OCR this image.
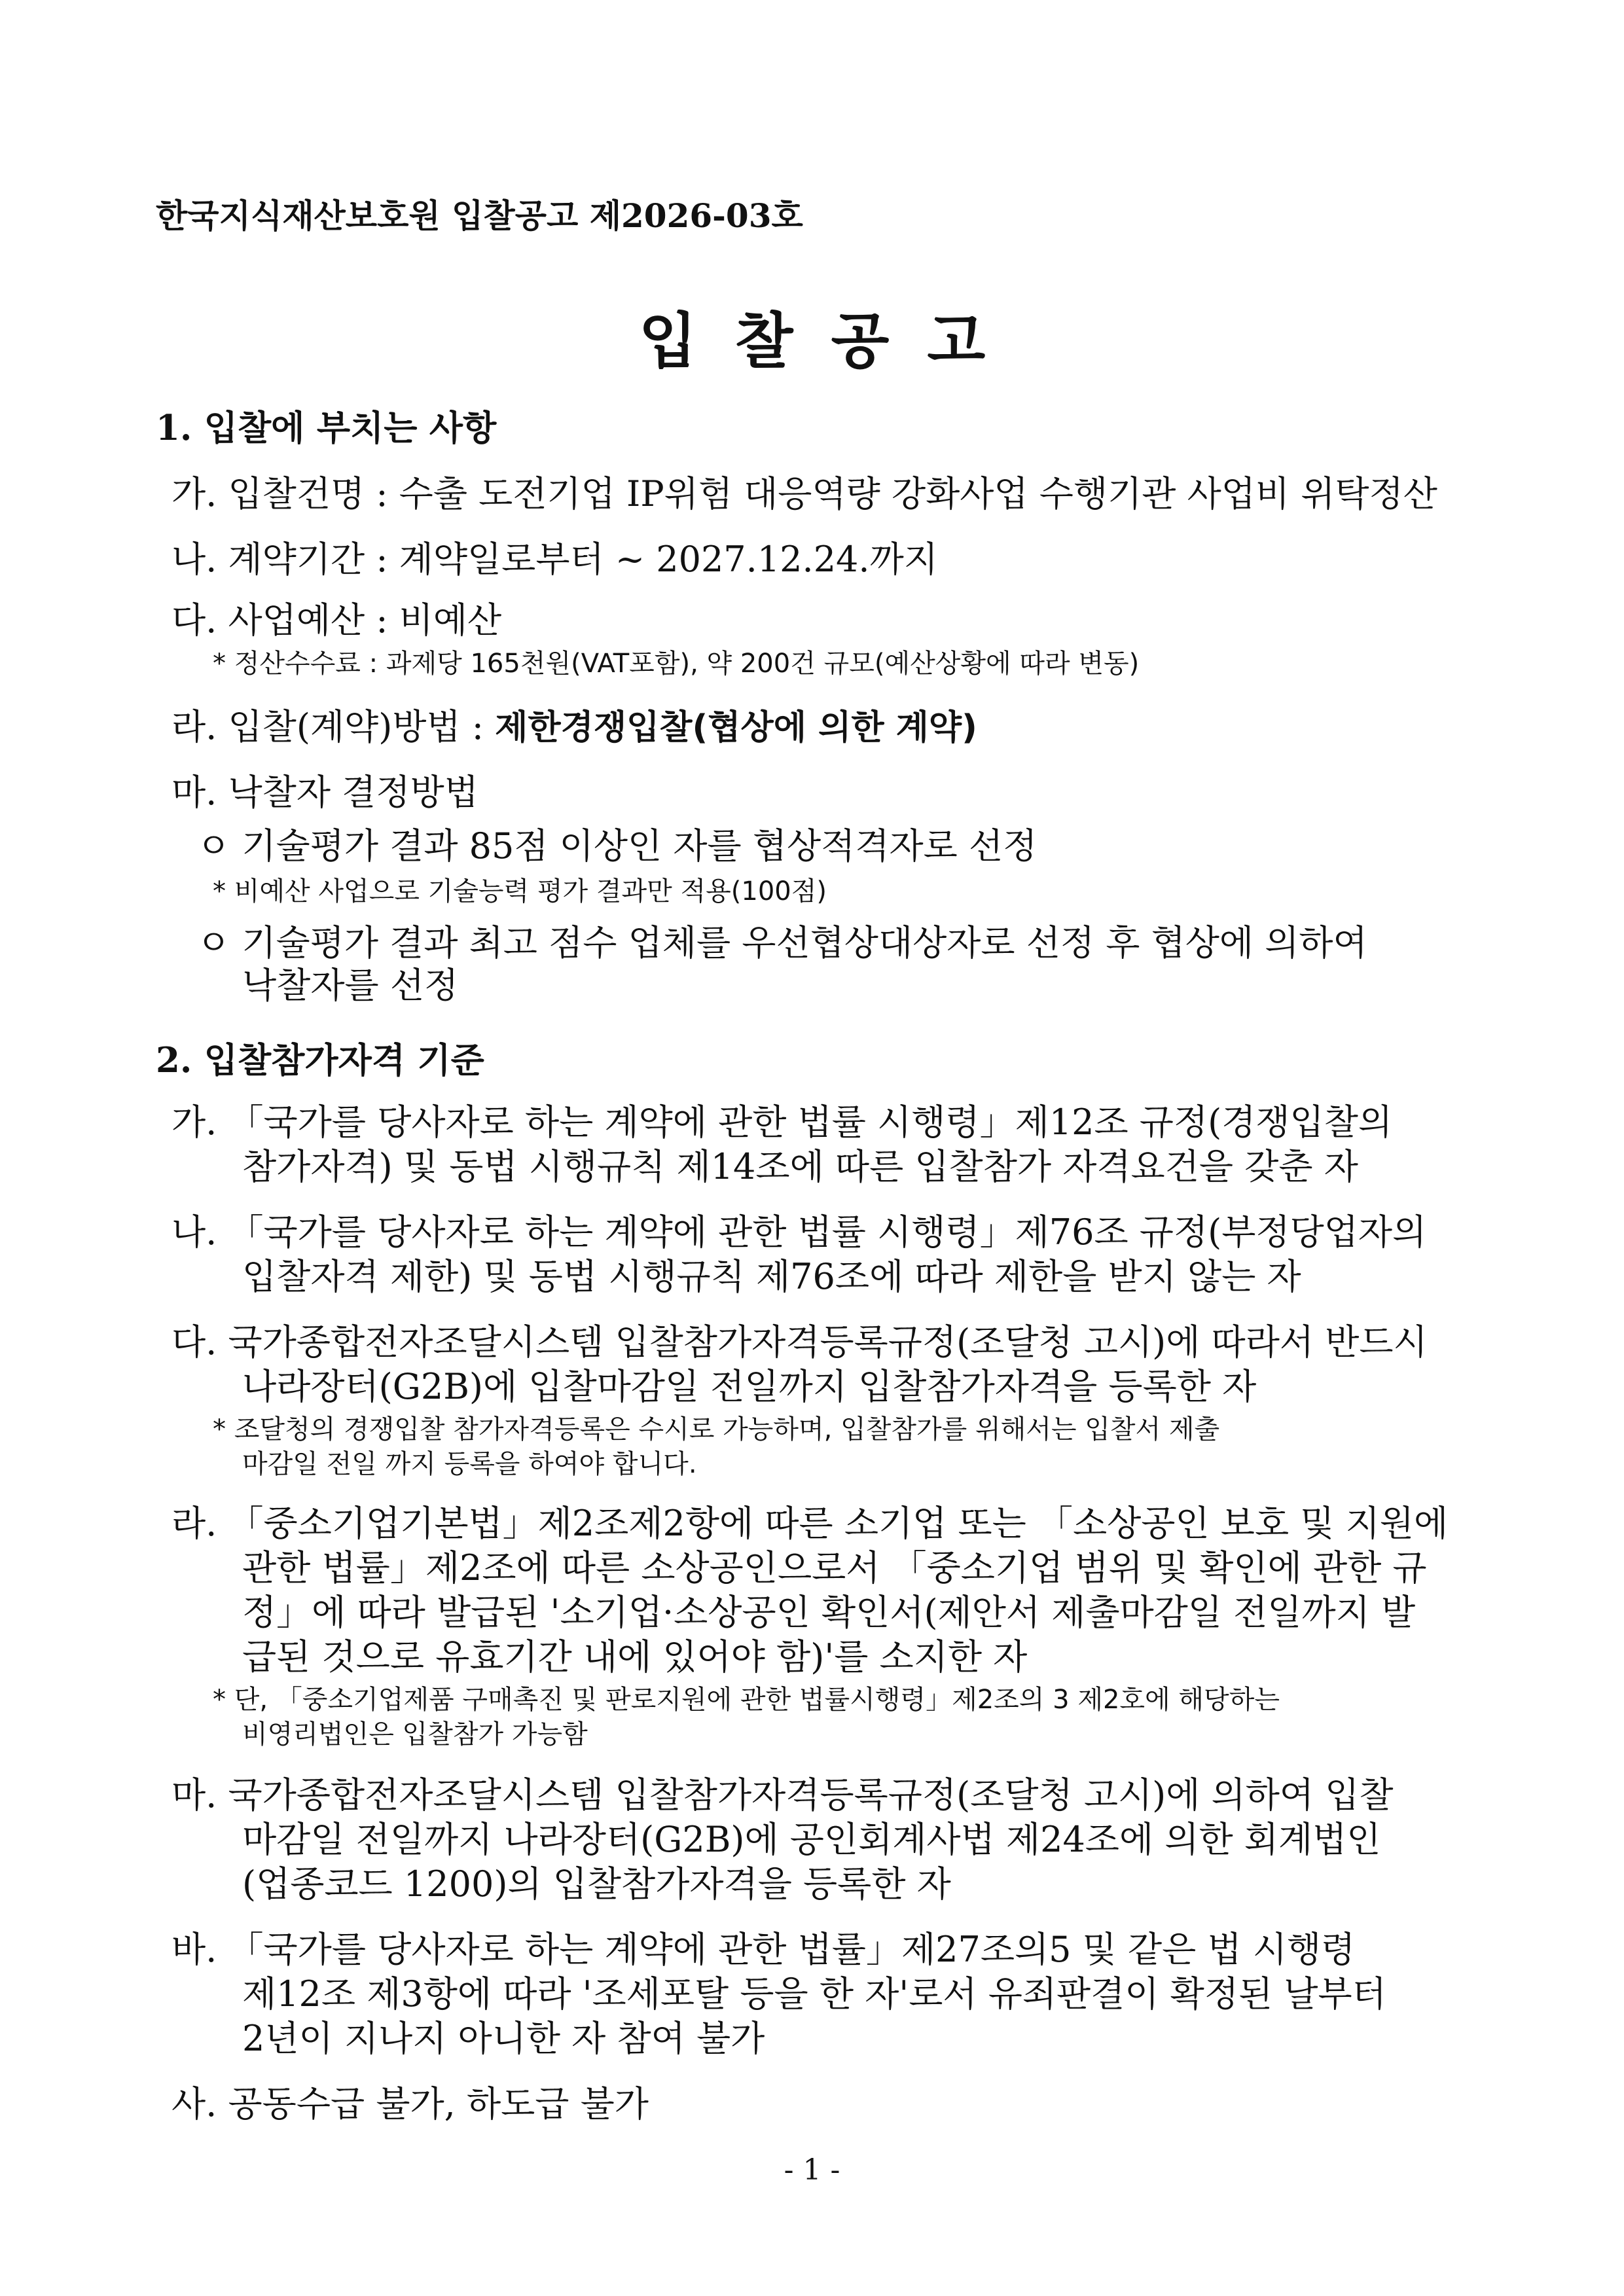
한국지식재산보호원 입찰공고 제2026-03호
입찰공고
1. 입찰에 부치는 사항
가. 입찰건명 : 수출 도전기업 IP위험 대응역량 강화사업 수행기관 사업비 위탁정산
나. 계약기간 : 계약일로부터 ~ 2027.12.24.까지
다. 사업예산 : 비예산
* 정산수수료 : 과제당 165천원(VAT포함), 약 200건 규모(예산상황에 따라 변동)
라. 입찰(계약)방법 : 제한경쟁입찰(협상에 의한 계약)
마. 낙찰자 결정방법
ㅇ 기술평가 결과 85점 이상인 자를 협상적격자로 선정
* 비예산 사업으로 기술능력 평가 결과만 적용(100점)
ㅇ 기술평가 결과 최고 점수 업체를 우선협상대상자로 선정 후 협상에 의하여
낙찰자를 선정
2. 입찰참가자격 기준
가. 「국가를 당사자로 하는 계약에 관한 법률 시행령」제12조 규정(경쟁입찰의
참가자격) 및 동법 시행규칙 제14조에 따른 입찰참가 자격요건을 갖춘 자
나. 「국가를 당사자로 하는 계약에 관한 법률 시행령」제76조 규정(부정당업자의
입찰자격 제한) 및 동법 시행규칙 제76조에 따라 제한을 받지 않는 자
다. 국가종합전자조달시스템 입찰참가자격등록규정(조달청 고시)에 따라서 반드시
나라장터(G2B)에 입찰마감일 전일까지 입찰참가자격을 등록한 자
* 조달청의 경쟁입찰 참가자격등록은 수시로 가능하며, 입찰참가를 위해서는 입찰서 제출
마감일 전일 까지 등록을 하여야 합니다.
라. 「중소기업기본법」제2조제2항에 따른 소기업 또는 「소상공인 보호 및 지원에
관한 법률」제2조에 따른 소상공인으로서 「중소기업 범위 및 확인에 관한 규
정」에 따라 발급된 '소기업·소상공인 확인서(제안서 제출마감일 전일까지 발
급된 것으로 유효기간 내에 있어야 함)'를 소지한 자
* 단, 「중소기업제품 구매촉진 및 판로지원에 관한 법률시행령」제2조의 3 제2호에 해당하는
비영리법인은 입찰참가 가능함
마. 국가종합전자조달시스템 입찰참가자격등록규정(조달청 고시)에 의하여 입찰
마감일 전일까지 나라장터(G2B)에 공인회계사법 제24조에 의한 회계법인
(업종코드 1200)의 입찰참가자격을 등록한 자
바. 「국가를 당사자로 하는 계약에 관한 법률」제27조의5 및 같은 법 시행령
제12조 제3항에 따라 '조세포탈 등을 한 자'로서 유죄판결이 확정된 날부터
2년이 지나지 아니한 자 참여 불가
사. 공동수급 불가, 하도급 불가
- 1 -
